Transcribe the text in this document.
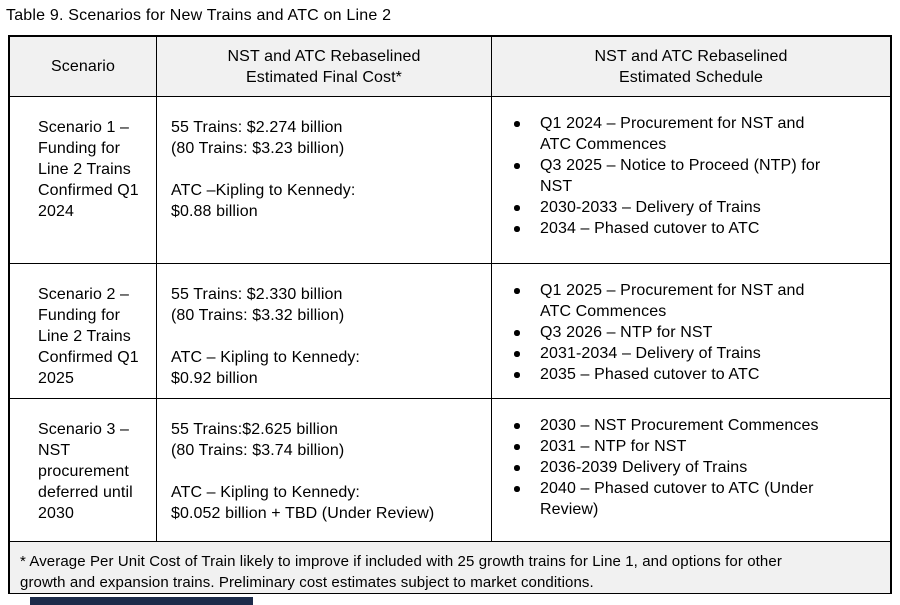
Table 9. Scenarios for New Trains and ATC on Line 2
Scenario
NST and ATC Rebaselined
Estimated Final Cost*
NST and ATC Rebaselined
Estimated Schedule
Scenario 1 –
Funding for
Line 2 Trains
Confirmed Q1
2024
55 Trains: $2.274 billion
(80 Trains: $3.23 billion)
ATC –Kipling to Kennedy:
$0.88 billion
Q1 2024 – Procurement for NST and
ATC Commences
Q3 2025 – Notice to Proceed (NTP) for
NST
2030-2033 – Delivery of Trains
2034 – Phased cutover to ATC
Scenario 2 –
Funding for
Line 2 Trains
Confirmed Q1
2025
55 Trains: $2.330 billion
(80 Trains: $3.32 billion)
ATC – Kipling to Kennedy:
$0.92 billion
Q1 2025 – Procurement for NST and
ATC Commences
Q3 2026 – NTP for NST
2031-2034 – Delivery of Trains
2035 – Phased cutover to ATC
Scenario 3 –
NST
procurement
deferred until
2030
55 Trains:$2.625 billion
(80 Trains: $3.74 billion)
ATC – Kipling to Kennedy:
$0.052 billion + TBD (Under Review)
2030 – NST Procurement Commences
2031 – NTP for NST
2036-2039 Delivery of Trains
2040 – Phased cutover to ATC (Under
Review)
* Average Per Unit Cost of Train likely to improve if included with 25 growth trains for Line 1, and options for other
growth and expansion trains. Preliminary cost estimates subject to market conditions.
